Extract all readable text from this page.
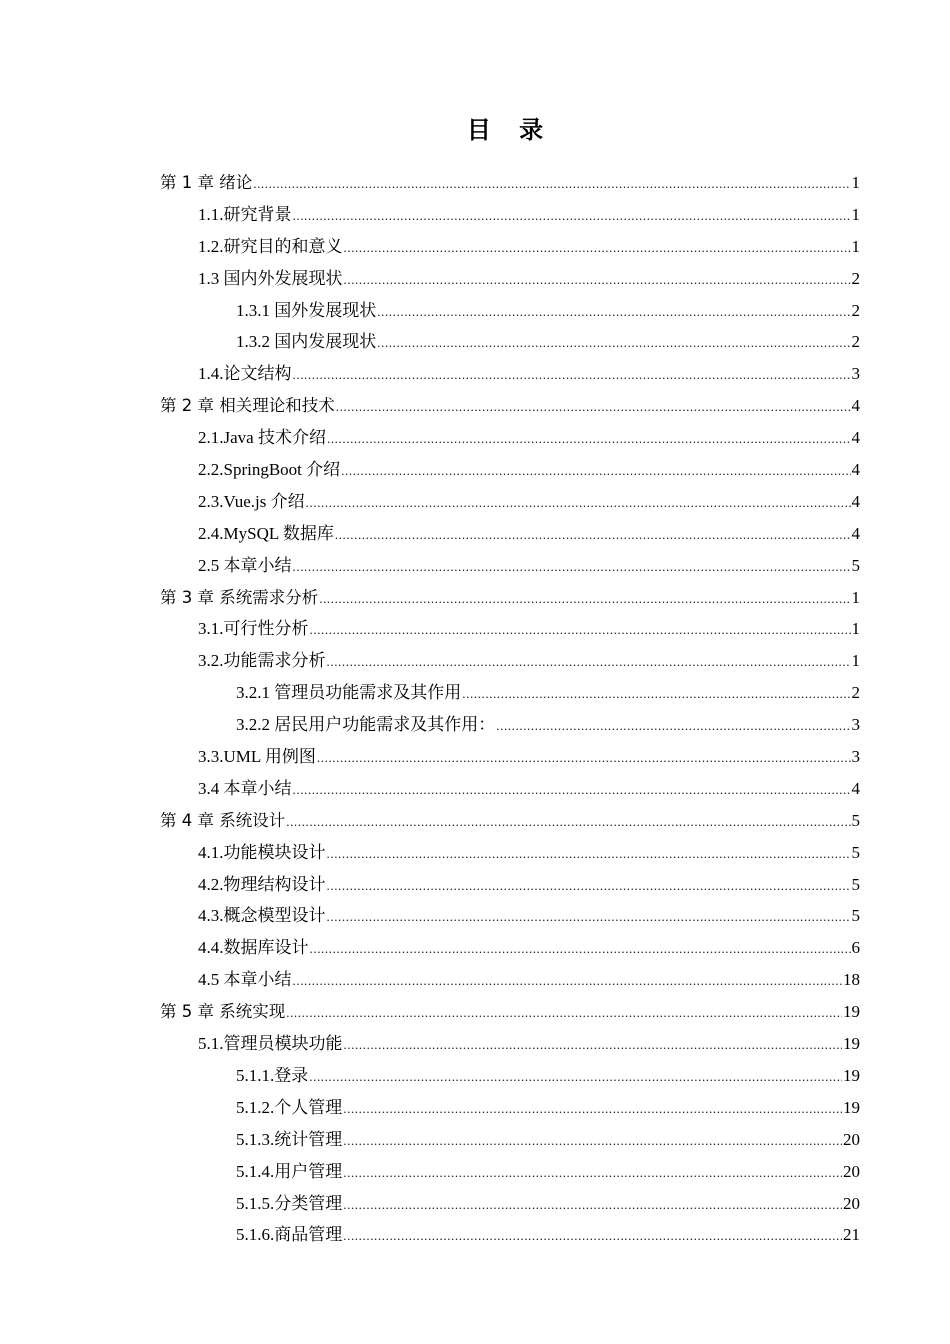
目 录
第 1 章 绪论 .....	1
1.1.研究背景 .....	1
1.2.研究目的和意义 .....	1
1.3 国内外发展现状 .....	2
1.3.1 国外发展现状 .....	2
1.3.2 国内发展现状 .....	2
1.4.论文结构 .....	3
第 2 章 相关理论和技术 .....	4
2.1.Java 技术介绍 .....	4
2.2.SpringBoot 介绍 .....	4
2.3.Vue.js 介绍 .....	4
2.4.MySQL 数据库 .....	4
2.5 本章小结 .....	5
第 3 章 系统需求分析 .....	1
3.1.可行性分析 .....	1
3.2.功能需求分析 .....	1
3.2.1 管理员功能需求及其作用 .....	2
3.2.2 居民用户功能需求及其作用： .....	3
3.3.UML 用例图 .....	3
3.4 本章小结 .....	4
第 4 章 系统设计 .....	5
4.1.功能模块设计 .....	5
4.2.物理结构设计 .....	5
4.3.概念模型设计 .....	5
4.4.数据库设计 .....	6
4.5 本章小结 .....	18
第 5 章 系统实现 .....	19
5.1.管理员模块功能 .....	19
5.1.1.登录 .....	19
5.1.2.个人管理 .....	19
5.1.3.统计管理 .....	20
5.1.4.用户管理 .....	20
5.1.5.分类管理 .....	20
5.1.6.商品管理 .....	21
